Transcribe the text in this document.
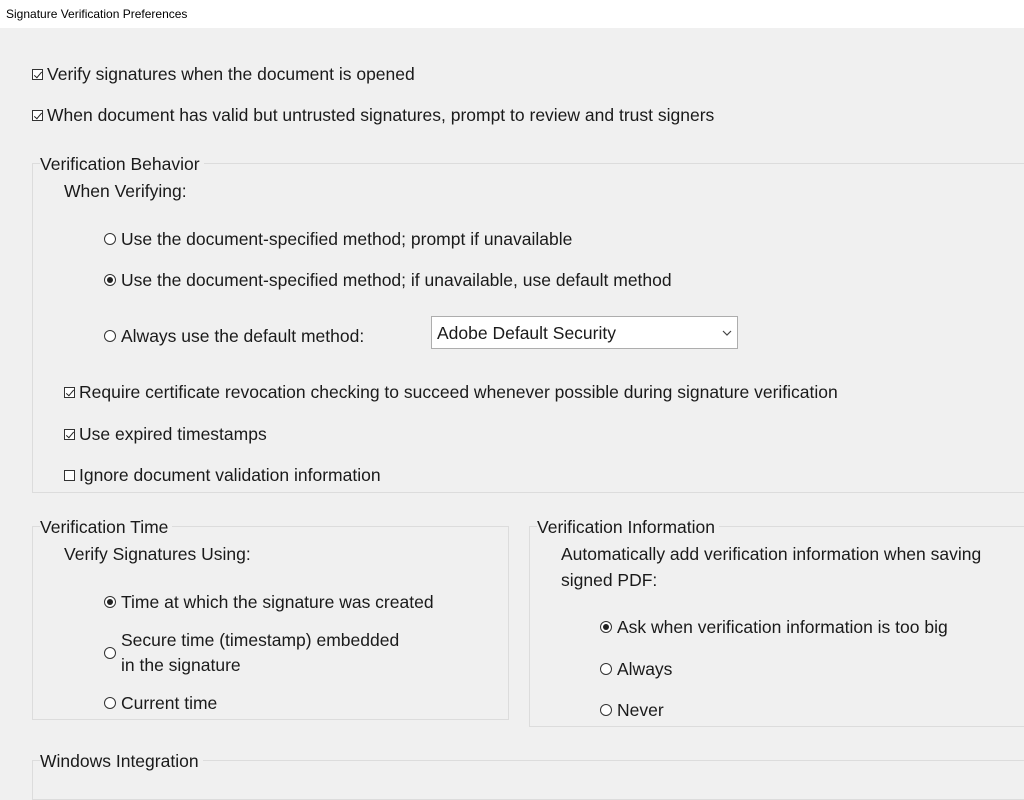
Signature Verification Preferences
Verify signatures when the document is opened
When document has valid but untrusted signatures, prompt to review and trust signers
Verification Behavior
When Verifying:
Use the document-specified method; prompt if unavailable
Use the document-specified method; if unavailable, use default method
Always use the default method:	Adobe Default Security
Require certificate revocation checking to succeed whenever possible during signature verification
Use expired timestamps
Ignore document validation information
Verification Time
Verify Signatures Using:
Time at which the signature was created
Secure time (timestamp) embedded
in the signature
Current time
Verification Information
Automatically add verification information when saving
signed PDF:
Ask when verification information is too big
Always
Never
Windows Integration
